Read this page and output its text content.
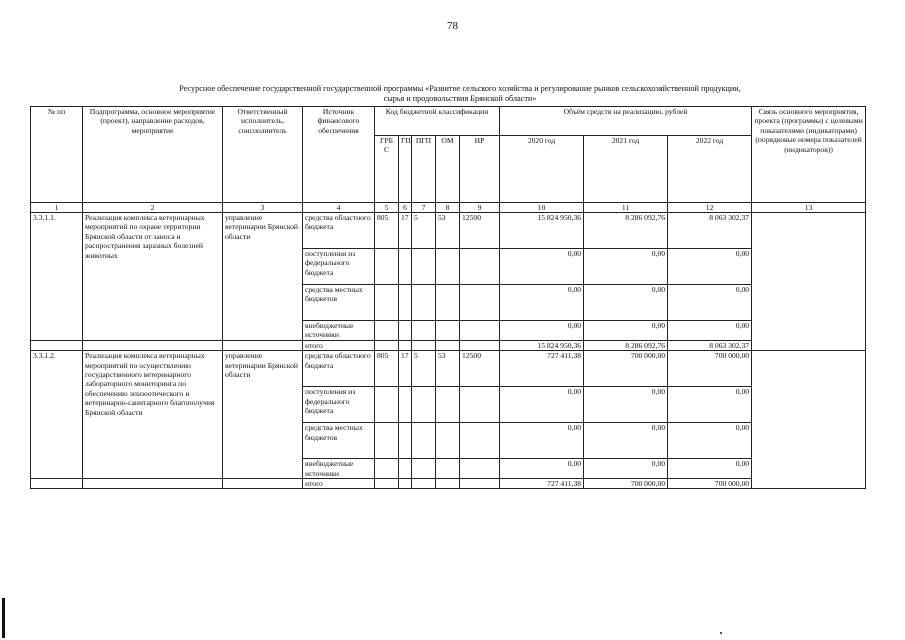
78
Ресурсное обеспечение государственной государственной программы «Развитие сельского хозяйства и регулирование рынков сельскохозяйственной продукции,
сырья и продовольствия Брянской области»
№ пп	Подпрограмма, основное мероприятие (проект), направление расходов, мероприятие	Ответственный исполнитель, соисполнитель	Источник финансового обеспечения	Код бюджетной классификации					Объём средств на реализацию, рублей			Связь основного мероприятия, проекта (программы) с целевыми показателями (индикаторами) (порядковые номера показателей (индикаторов))
				ГРБ С	ГП	ПГП	ОМ	НР	2020 год	2021 год	2022 год	
1	2	3	4	5	6	7	8	9	10	11	12	13
3.3.1.1.	Реализация комплекса ветеринарных мероприятий по охране территории Брянской области от заноса и распространения заразных болезней животных	управление ветеринарии Брянской области	средства областного бюджета	805	17	5	53	12500	15 824 950,36	8 286 092,76	8 063 302,37	
			поступления из федерального бюджета						0,00	0,00	0,00	
			средства местных бюджетов						0,00	0,00	0,00	
			внебюджетные источники						0,00	0,00	0,00	
			итого						15 824 950,36	8 286 092,76	8 063 302,37	
3.3.1.2.	Реализация комплекса ветеринарных мероприятий по осуществлению государственного ветеринарного лабораторного мониторинга по обеспечению эпизоотического и ветеринарно-санитарного благополучия Брянской области	управление ветеринарии Брянской области	средства областного бюджета	805	17	5	53	12500	727 411,38	700 000,00	700 000,00	
			поступления из федерального бюджета						0,00	0,00	0,00	
			средства местных бюджетов						0,00	0,00	0,00	
			внебюджетные источники						0,00	0,00	0,00	
			итого						727 411,38	700 000,00	700 000,00	
